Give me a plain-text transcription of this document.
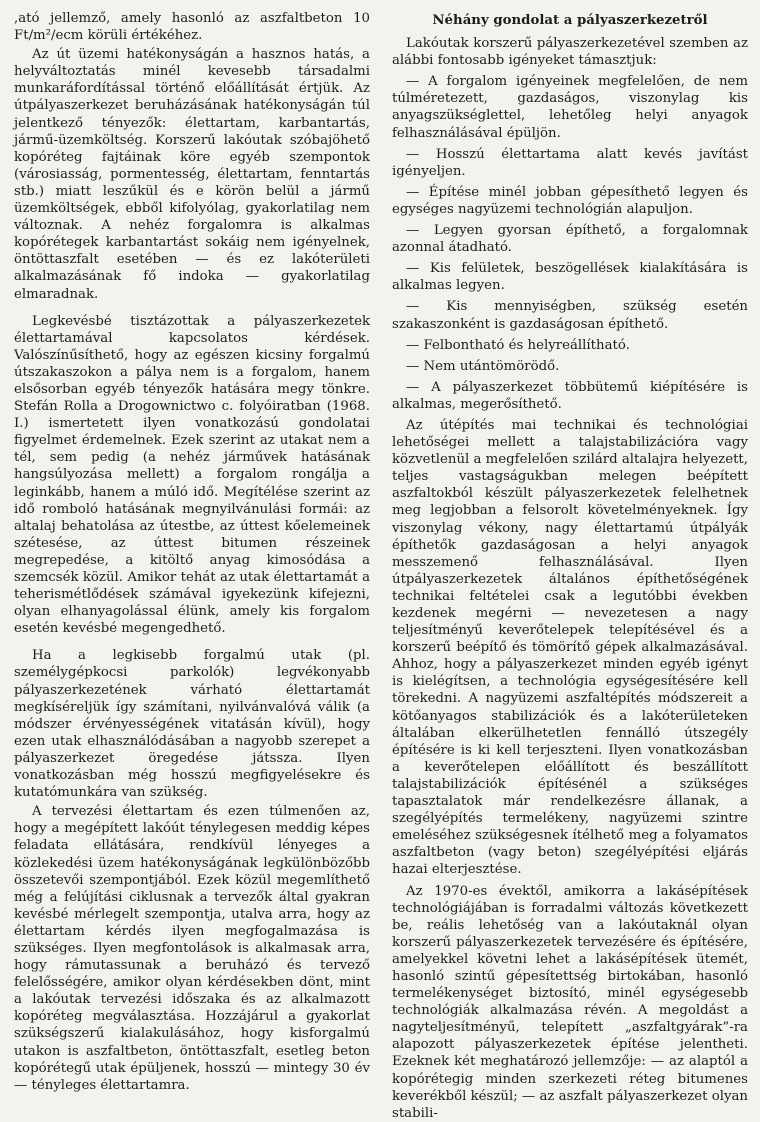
,ató jellemző, amely hasonló az aszfaltbeton 10 Ft/m²/ecm körüli értékéhez.

Az út üzemi hatékonyságán a hasznos hatás, a helyváltoztatás minél kevesebb társadalmi munkaráfordítással történő előállítását értjük. Az útpályaszerkezet beruházásának hatékonyságán túl jelentkező tényezők: élettartam, karbantartás, jármű-üzemköltség. Korszerű lakóutak szóbajöhető kopóréteg fajtáinak köre egyéb szempontok (városiasság, pormentesség, élettartam, fenntartás stb.) miatt leszűkül és e körön belül a jármű üzemköltségek, ebből kifolyólag, gyakorlatilag nem változnak. A nehéz forgalomra is alkalmas kopórétegek karbantartást sokáig nem igényelnek, öntöttaszfalt esetében — és ez lakóterületi alkalmazásának fő indoka — gyakorlatilag elmaradnak.

Legkevésbé tisztázottak a pályaszerkezetek élettartamával kapcsolatos kérdések. Valószínűsíthető, hogy az egészen kicsiny forgalmú útszakaszokon a pálya nem is a forgalom, hanem elsősorban egyéb tényezők hatására megy tönkre. Stefán Rolla a Drogownictwo c. folyóiratban (1968. I.) ismertetett ilyen vonatkozású gondolatai figyelmet érdemelnek. Ezek szerint az utakat nem a tél, sem pedig (a nehéz járművek hatásának hangsúlyozása mellett) a forgalom rongálja a leginkább, hanem a múló idő. Megítélése szerint az idő romboló hatásának megnyilvánulási formái: az altalaj behatolása az útestbe, az úttest kőelemeinek szétesése, az úttest bitumen részeinek megrepedése, a kitöltő anyag kimosódása a szemcsék közül. Amikor tehát az utak élettartamát a teherismétlődések számával igyekezünk kifejezni, olyan elhanyagolással élünk, amely kis forgalom esetén kevésbé megengedhető.

Ha a legkisebb forgalmú utak (pl. személygépkocsi parkolók) legvékonyabb pályaszerkezetének várható élettartamát megkíséreljük így számítani, nyilvánvalóvá válik (a módszer érvényességének vitatásán kívül), hogy ezen utak elhasználódásában a nagyobb szerepet a pályaszerkezet öregedése játssza. Ilyen vonatkozásban még hosszú megfigyelésekre és kutatómunkára van szükség.

A tervezési élettartam és ezen túlmenően az, hogy a megépített lakóút ténylegesen meddig képes feladata ellátására, rendkívül lényeges a közlekedési üzem hatékonyságának legkülönbözőbb összetevői szempontjából. Ezek közül megemlíthető még a felújítási ciklusnak a tervezők által gyakran kevésbé mérlegelt szempontja, utalva arra, hogy az élettartam kérdés ilyen megfogalmazása is szükséges. Ilyen megfontolások is alkalmasak arra, hogy rámutassunak a beruházó és tervező felelősségére, amikor olyan kérdésekben dönt, mint a lakóutak tervezési időszaka és az alkalmazott kopóréteg megválasztása. Hozzájárul a gyakorlat szükségszerű kialakulásához, hogy kisforgalmú utakon is aszfaltbeton, öntöttaszfalt, esetleg beton kopórétegű utak épüljenek, hosszú — mintegy 30 év — tényleges élettartamra.

Néhány gondolat a pályaszerkezetről

Lakóutak korszerű pályaszerkezetével szemben az alábbi fontosabb igényeket támasztjuk:

— A forgalom igényeinek megfelelően, de nem túlméretezett, gazdaságos, viszonylag kis anyagszükséglettel, lehetőleg helyi anyagok felhasználásával épüljön.

— Hosszú élettartama alatt kevés javítást igényeljen.

— Építése minél jobban gépesíthető legyen és egységes nagyüzemi technológián alapuljon.

— Legyen gyorsan építhető, a forgalomnak azonnal átadható.

— Kis felületek, beszögellések kialakítására is alkalmas legyen.

— Kis mennyiségben, szükség esetén szakaszonként is gazdaságosan építhető.

— Felbontható és helyreállítható.

— Nem utántömörödő.

— A pályaszerkezet többütemű kiépítésére is alkalmas, megerősíthető.

Az útépítés mai technikai és technológiai lehetőségei mellett a talajstabilizációra vagy közvetlenül a megfelelően szilárd altalajra helyezett, teljes vastagságukban melegen beépített aszfaltokból készült pályaszerkezetek felelhetnek meg legjobban a felsorolt követelményeknek. Így viszonylag vékony, nagy élettartamú útpályák építhetők gazdaságosan a helyi anyagok messzemenő felhasználásával. Ilyen útpályaszerkezetek általános építhetőségének technikai feltételei csak a legutóbbi években kezdenek megérni — nevezetesen a nagy teljesítményű keverőtelepek telepítésével és a korszerű beépítő és tömörítő gépek alkalmazásával. Ahhoz, hogy a pályaszerkezet minden egyéb igényt is kielégítsen, a technológia egységesítésére kell törekedni. A nagyüzemi aszfaltépítés módszereit a kötőanyagos stabilizációk és a lakóterületeken általában elkerülhetetlen fennálló útszegély építésére is ki kell terjeszteni. Ilyen vonatkozásban a keverőtelepen előállított és beszállított talajstabilizációk építésénél a szükséges tapasztalatok már rendelkezésre állanak, a szegélyépítés termelékeny, nagyüzemi szintre emeléséhez szükségesnek ítélhető meg a folyamatos aszfaltbeton (vagy beton) szegélyépítési eljárás hazai elterjesztése.

Az 1970-es évektől, amikorra a lakásépítések technológiájában is forradalmi változás következett be, reális lehetőség van a lakóutaknál olyan korszerű pályaszerkezetek tervezésére és építésére, amelyekkel követni lehet a lakásépítések ütemét, hasonló szintű gépesítettség birtokában, hasonló termelékenységet biztosító, minél egységesebb technológiák alkalmazása révén. A megoldást a nagyteljesítményű, telepített „aszfaltgyárak”-ra alapozott pályaszerkezetek építése jelentheti. Ezeknek két meghatározó jellemzője: — az alaptól a kopórétegig minden szerkezeti réteg bitumenes keverékből készül; — az aszfalt pályaszerkezet olyan stabili-
